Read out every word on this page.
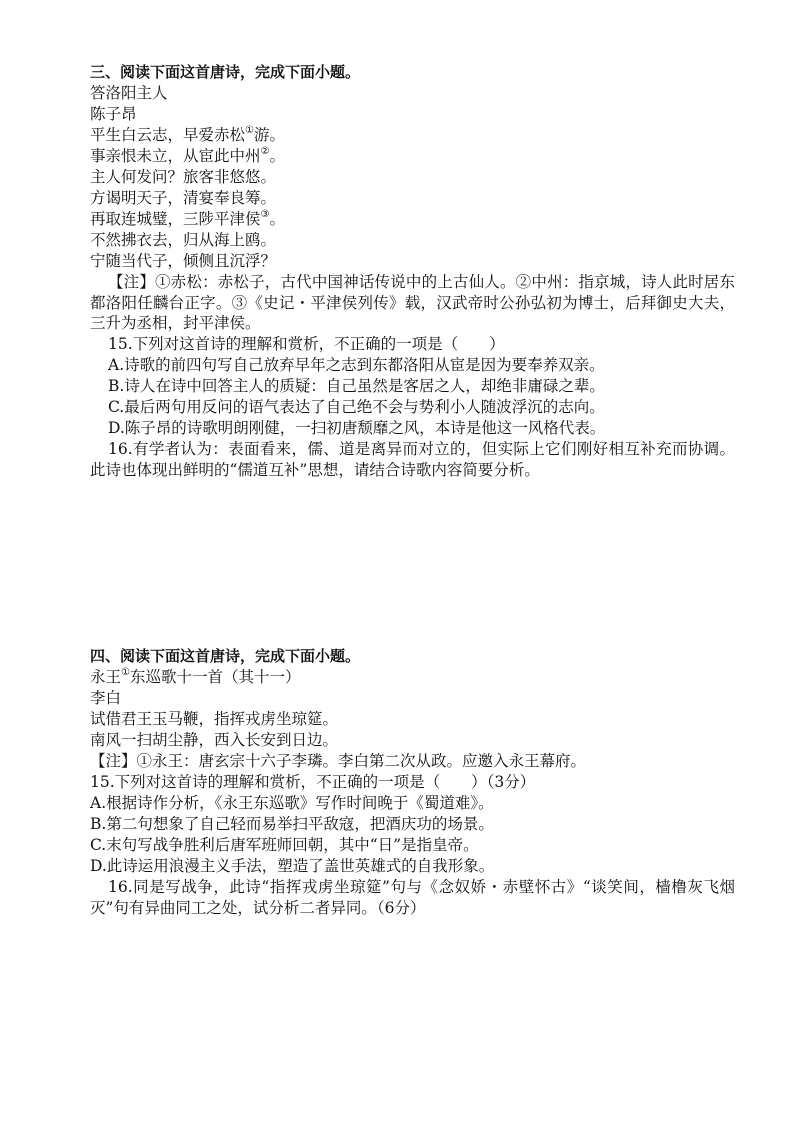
三、阅读下面这首唐诗，完成下面小题。
答洛阳主人
陈子昂
平生白云志，早爱赤松①游。
事亲恨未立，从宦此中州②。
主人何发问？旅客非悠悠。
方谒明天子，清宴奉良筹。
再取连城璧，三陟平津侯③。
不然拂衣去，归从海上鸥。
宁随当代子，倾侧且沉浮？
【注】①赤松：赤松子，古代中国神话传说中的上古仙人。②中州：指京城，诗人此时居东都洛阳任麟台正字。③《史记・平津侯列传》载，汉武帝时公孙弘初为博士，后拜御史大夫，三升为丞相，封平津侯。
15.下列对这首诗的理解和赏析，不正确的一项是（　　）
A.诗歌的前四句写自己放弃早年之志到东都洛阳从宦是因为要奉养双亲。
B.诗人在诗中回答主人的质疑：自己虽然是客居之人，却绝非庸碌之辈。
C.最后两句用反问的语气表达了自己绝不会与势利小人随波浮沉的志向。
D.陈子昂的诗歌明朗刚健，一扫初唐颓靡之风，本诗是他这一风格代表。
16.有学者认为：表面看来，儒、道是离异而对立的，但实际上它们刚好相互补充而协调。此诗也体现出鲜明的“儒道互补”思想，请结合诗歌内容简要分析。
四、阅读下面这首唐诗，完成下面小题。
永王①东巡歌十一首（其十一）
李白
试借君王玉马鞭，指挥戎虏坐琼筵。
南风一扫胡尘静，西入长安到日边。
【注】①永王：唐玄宗十六子李璘。李白第二次从政。应邀入永王幕府。
15.下列对这首诗的理解和赏析，不正确的一项是（　　）（3分）
A.根据诗作分析，《永王东巡歌》写作时间晚于《蜀道难》。
B.第二句想象了自己轻而易举扫平敌寇，把酒庆功的场景。
C.末句写战争胜利后唐军班师回朝，其中“日”是指皇帝。
D.此诗运用浪漫主义手法，塑造了盖世英雄式的自我形象。
16.同是写战争，此诗“指挥戎虏坐琼筵”句与《念奴娇・赤壁怀古》“谈笑间，樯橹灰飞烟灭”句有异曲同工之处，试分析二者异同。（6分）
